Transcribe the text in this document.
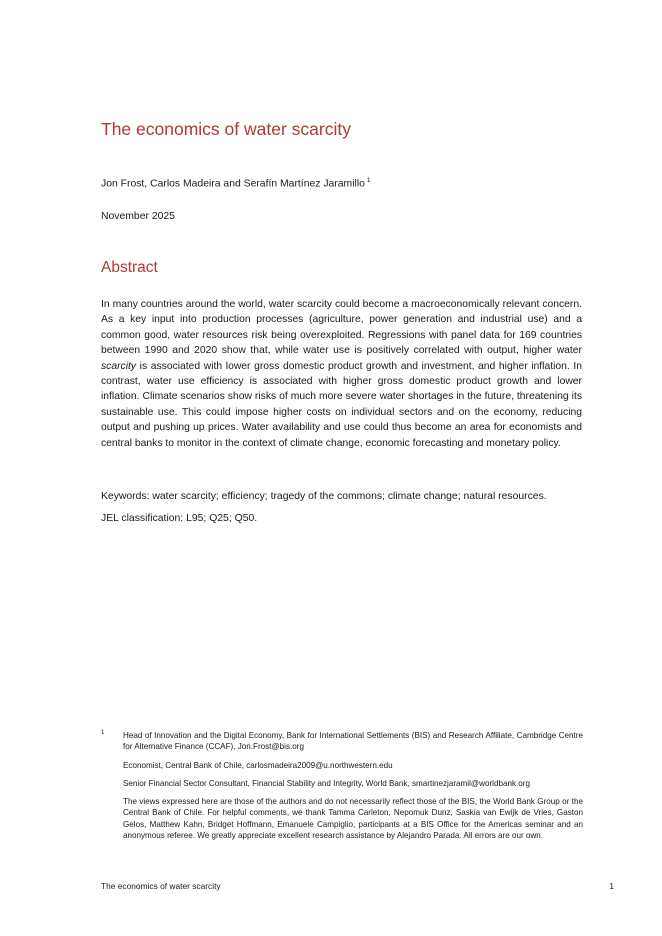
The economics of water scarcity
Jon Frost, Carlos Madeira and Serafín Martínez Jaramillo $^1$
November 2025
Abstract

In many countries around the world, water scarcity could become a macroeconomically relevant concern. As a key input into production processes (agriculture, power generation and industrial use) and a common good, water resources risk being overexploited. Regressions with panel data for 169 countries between 1990 and 2020 show that, while water use is positively correlated with output, higher water scarcity is associated with lower gross domestic product growth and investment, and higher inflation. In contrast, water use efficiency is associated with higher gross domestic product growth and lower inflation. Climate scenarios show risks of much more severe water shortages in the future, threatening its sustainable use. This could impose higher costs on individual sectors and on the economy, reducing output and pushing up prices. Water availability and use could thus become an area for economists and central banks to monitor in the context of climate change, economic forecasting and monetary policy.

Keywords: water scarcity; efficiency; tragedy of the commons; climate change; natural resources.

JEL classification: L95; Q25; Q50.

1 Head of Innovation and the Digital Economy, Bank for International Settlements (BIS) and Research Affiliate, Cambridge Centre for Alternative Finance (CCAF), Jon.Frost@bis.org
Economist, Central Bank of Chile, carlosmadeira2009@u.northwestern.edu
Senior Financial Sector Consultant, Financial Stability and Integrity, World Bank, smartinezjaramil@worldbank.org
The views expressed here are those of the authors and do not necessarily reflect those of the BIS, the World Bank Group or the Central Bank of Chile. For helpful comments, we thank Tamma Carleton, Nepomuk Dunz, Saskia van Ewijk de Vries, Gaston Gelos, Matthew Kahn, Bridget Hoffmann, Emanuele Campiglio, participants at a BIS Office for the Americas seminar and an anonymous referee. We greatly appreciate excellent research assistance by Alejandro Parada. All errors are our own.
The economics of water scarcity	1
